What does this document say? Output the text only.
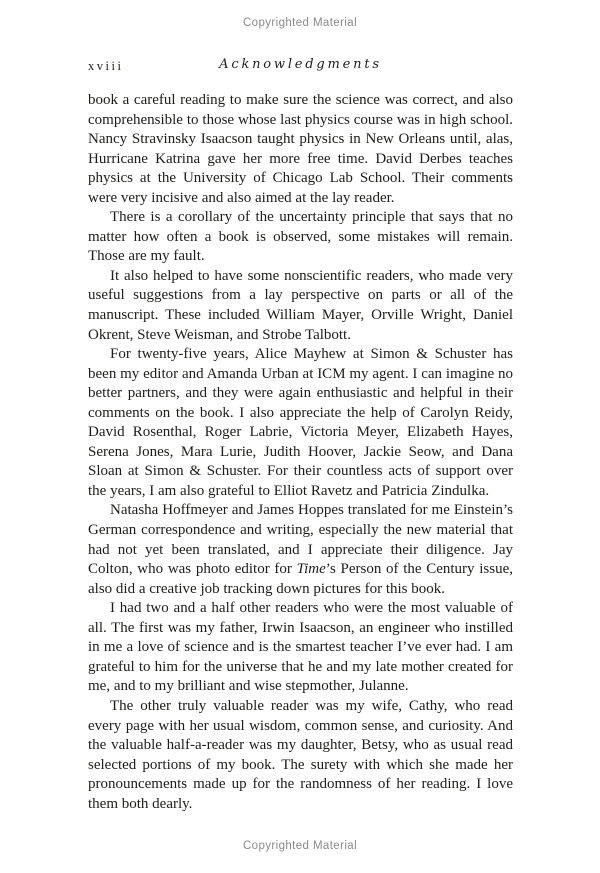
Copyrighted Material
xviii	Acknowledgments

book a careful reading to make sure the science was correct, and also comprehensible to those whose last physics course was in high school. Nancy Stravinsky Isaacson taught physics in New Orleans until, alas, Hurricane Katrina gave her more free time. David Derbes teaches physics at the University of Chicago Lab School. Their comments were very incisive and also aimed at the lay reader.

There is a corollary of the uncertainty principle that says that no matter how often a book is observed, some mistakes will remain. Those are my fault.

It also helped to have some nonscientific readers, who made very useful suggestions from a lay perspective on parts or all of the manuscript. These included William Mayer, Orville Wright, Daniel Okrent, Steve Weisman, and Strobe Talbott.

For twenty-five years, Alice Mayhew at Simon & Schuster has been my editor and Amanda Urban at ICM my agent. I can imagine no better partners, and they were again enthusiastic and helpful in their comments on the book. I also appreciate the help of Carolyn Reidy, David Rosenthal, Roger Labrie, Victoria Meyer, Elizabeth Hayes, Serena Jones, Mara Lurie, Judith Hoover, Jackie Seow, and Dana Sloan at Simon & Schuster. For their countless acts of support over the years, I am also grateful to Elliot Ravetz and Patricia Zindulka.

Natasha Hoffmeyer and James Hoppes translated for me Einstein’s German correspondence and writing, especially the new material that had not yet been translated, and I appreciate their diligence. Jay Colton, who was photo editor for Time’s Person of the Century issue, also did a creative job tracking down pictures for this book.

I had two and a half other readers who were the most valuable of all. The first was my father, Irwin Isaacson, an engineer who instilled in me a love of science and is the smartest teacher I’ve ever had. I am grateful to him for the universe that he and my late mother created for me, and to my brilliant and wise stepmother, Julanne.

The other truly valuable reader was my wife, Cathy, who read every page with her usual wisdom, common sense, and curiosity. And the valuable half-a-reader was my daughter, Betsy, who as usual read selected portions of my book. The surety with which she made her pronouncements made up for the randomness of her reading. I love them both dearly.

Copyrighted Material
